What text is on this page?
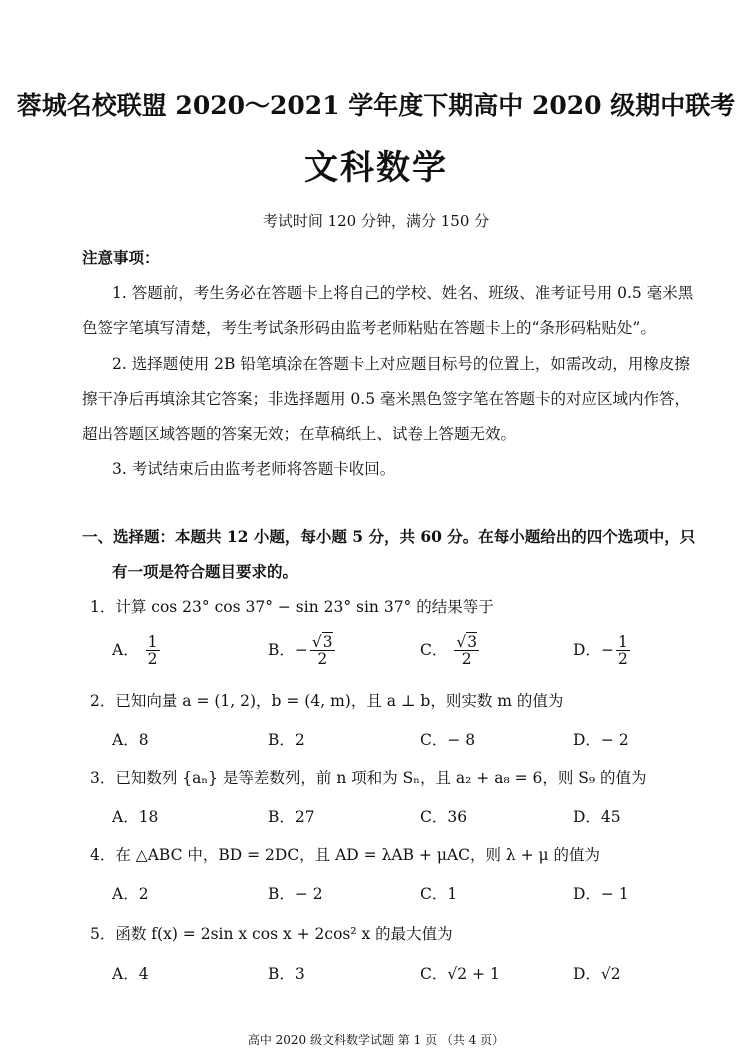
蓉城名校联盟 2020～2021 学年度下期高中 2020 级期中联考
文科数学
考试时间 120 分钟，满分 150 分
注意事项：
1. 答题前，考生务必在答题卡上将自己的学校、姓名、班级、准考证号用 0.5 毫米黑
色签字笔填写清楚，考生考试条形码由监考老师粘贴在答题卡上的“条形码粘贴处”。
2. 选择题使用 2B 铅笔填涂在答题卡上对应题目标号的位置上，如需改动，用橡皮擦
擦干净后再填涂其它答案；非选择题用 0.5 毫米黑色签字笔在答题卡的对应区域内作答，
超出答题区域答题的答案无效；在草稿纸上、试卷上答题无效。
3. 考试结束后由监考老师将答题卡收回。
一、选择题：本题共 12 小题，每小题 5 分，共 60 分。在每小题给出的四个选项中，只
有一项是符合题目要求的。
1．计算 cos 23° cos 37° − sin 23° sin 37° 的结果等于
A． $\frac{1}{2}$	B．− $\frac{√3}{2}$	C． $\frac{√3}{2}$	D．− $\frac{1}{2}$
2．已知向量 a = (1, 2)，b = (4, m)，且 a ⊥ b，则实数 m 的值为
A．8	B．2	C．− 8	D．− 2
3．已知数列 {aₙ} 是等差数列，前 n 项和为 Sₙ，且 a₂ + a₈ = 6，则 S₉ 的值为
A．18	B．27	C．36	D．45
4．在 △ABC 中，BD = 2DC，且 AD = λAB + μAC，则 λ + μ 的值为
A．2	B．− 2	C．1	D．− 1
5．函数 f(x) = 2sin x cos x + 2cos² x 的最大值为
A．4	B．3	C．√2 + 1	D．√2
高中 2020 级文科数学试题 第 1 页 （共 4 页）
